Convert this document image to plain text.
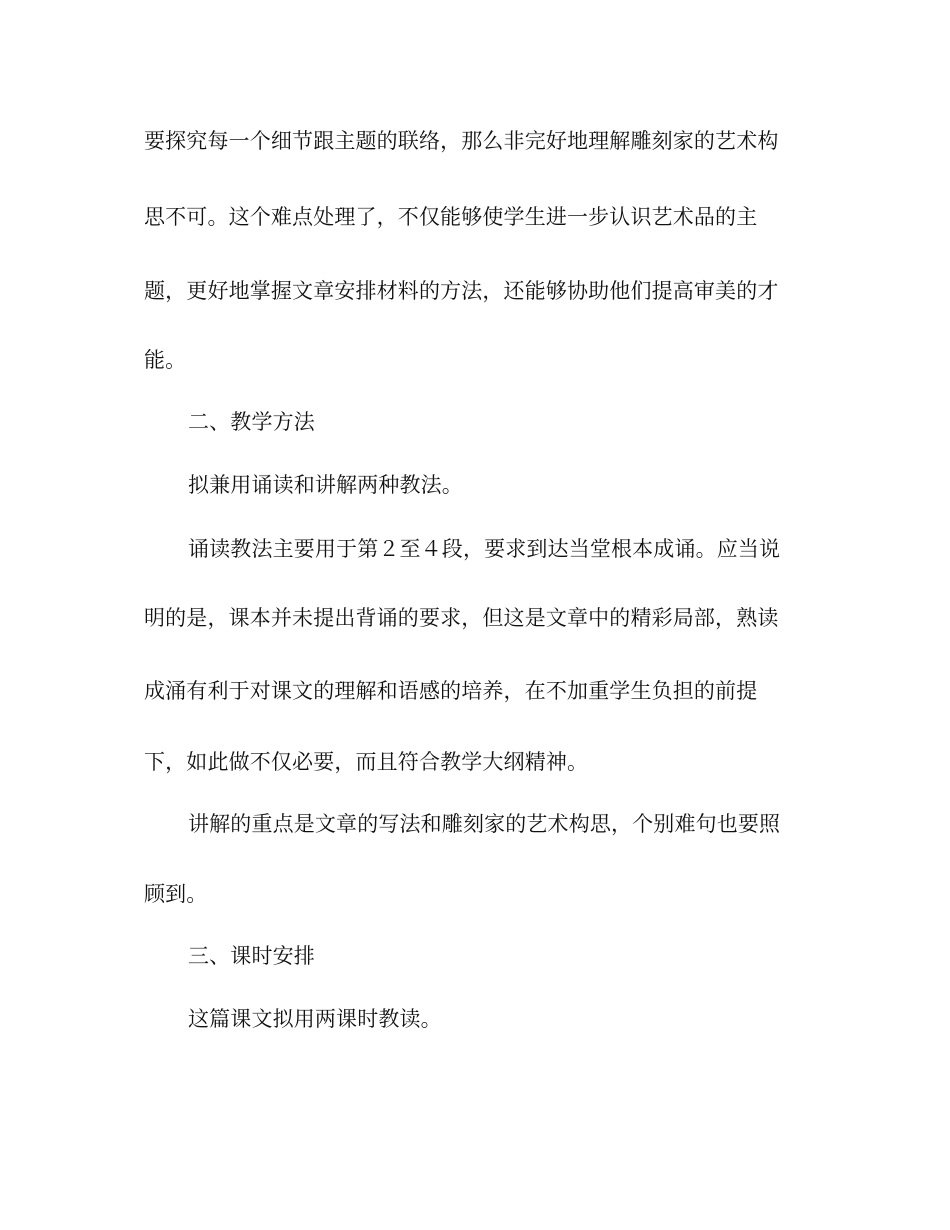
要探究每一个细节跟主题的联络，那么非完好地理解雕刻家的艺术构
思不可。这个难点处理了，不仅能够使学生进一步认识艺术品的主
题，更好地掌握文章安排材料的方法，还能够协助他们提高审美的才
能。
二、教学方法
拟兼用诵读和讲解两种教法。
诵读教法主要用于第２至４段，要求到达当堂根本成诵。应当说
明的是，课本并未提出背诵的要求，但这是文章中的精彩局部，熟读
成涌有利于对课文的理解和语感的培养，在不加重学生负担的前提
下，如此做不仅必要，而且符合教学大纲精神。
讲解的重点是文章的写法和雕刻家的艺术构思，个别难句也要照
顾到。
三、课时安排
这篇课文拟用两课时教读。
